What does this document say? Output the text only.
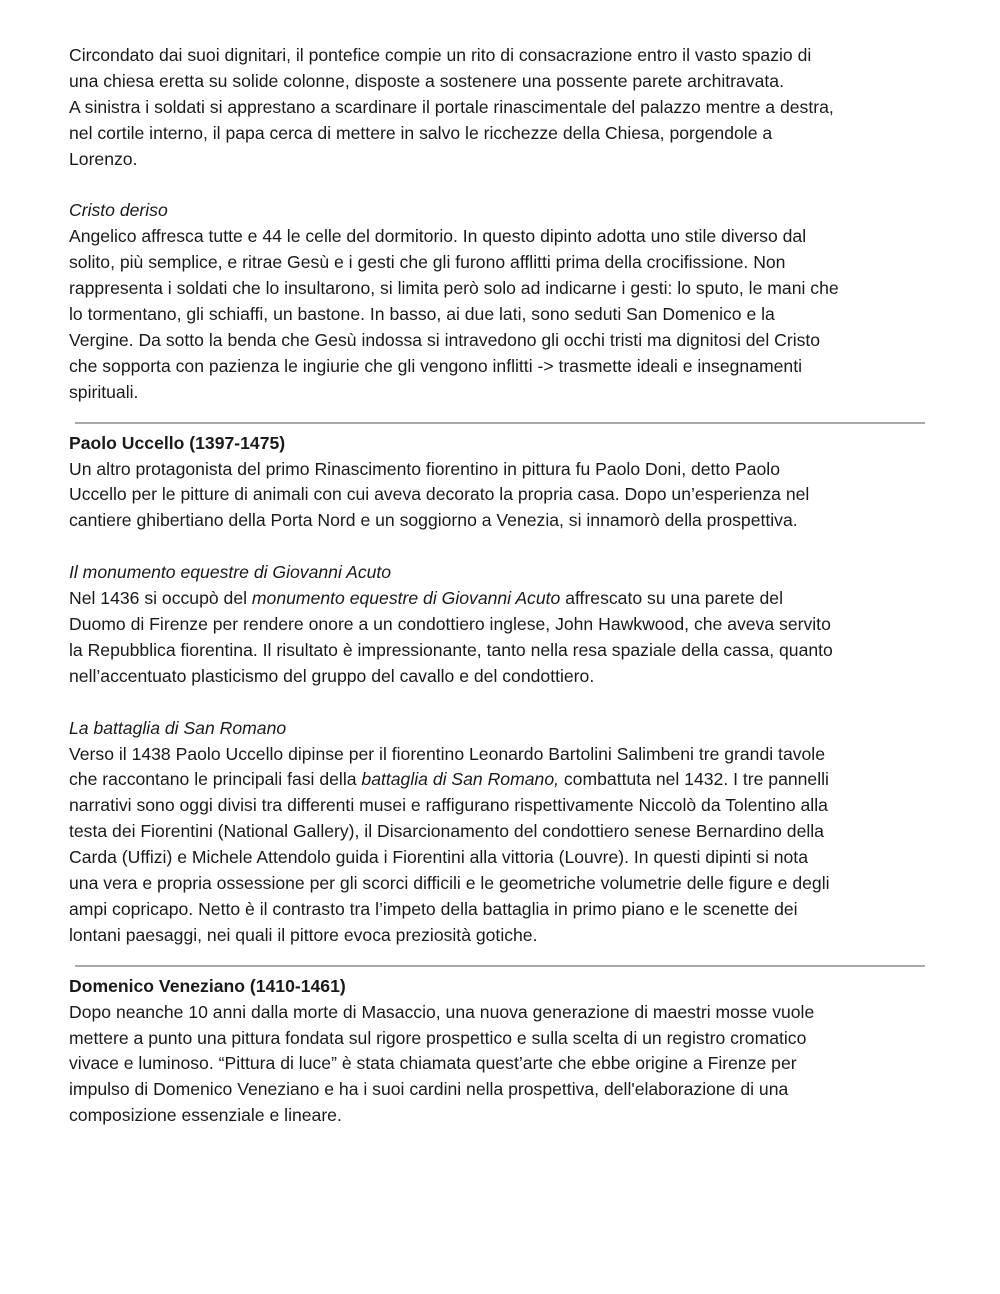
Circondato dai suoi dignitari, il pontefice compie un rito di consacrazione entro il vasto spazio di

una chiesa eretta su solide colonne, disposte a sostenere una possente parete architravata.

A sinistra i soldati si apprestano a scardinare il portale rinascimentale del palazzo mentre a destra,

nel cortile interno, il papa cerca di mettere in salvo le ricchezze della Chiesa, porgendole a

Lorenzo.

Cristo deriso

Angelico affresca tutte e 44 le celle del dormitorio. In questo dipinto adotta uno stile diverso dal

solito, più semplice, e ritrae Gesù e i gesti che gli furono afflitti prima della crocifissione. Non

rappresenta i soldati che lo insultarono, si limita però solo ad indicarne i gesti: lo sputo, le mani che

lo tormentano, gli schiaffi, un bastone. In basso, ai due lati, sono seduti San Domenico e la

Vergine. Da sotto la benda che Gesù indossa si intravedono gli occhi tristi ma dignitosi del Cristo

che sopporta con pazienza le ingiurie che gli vengono inflitti -> trasmette ideali e insegnamenti

spirituali.

Paolo Uccello (1397-1475)

Un altro protagonista del primo Rinascimento fiorentino in pittura fu Paolo Doni, detto Paolo

Uccello per le pitture di animali con cui aveva decorato la propria casa. Dopo un’esperienza nel

cantiere ghibertiano della Porta Nord e un soggiorno a Venezia, si innamorò della prospettiva.

Il monumento equestre di Giovanni Acuto

Nel 1436 si occupò del monumento equestre di Giovanni Acuto affrescato su una parete del

Duomo di Firenze per rendere onore a un condottiero inglese, John Hawkwood, che aveva servito

la Repubblica fiorentina. Il risultato è impressionante, tanto nella resa spaziale della cassa, quanto

nell’accentuato plasticismo del gruppo del cavallo e del condottiero.

La battaglia di San Romano

Verso il 1438 Paolo Uccello dipinse per il fiorentino Leonardo Bartolini Salimbeni tre grandi tavole

che raccontano le principali fasi della battaglia di San Romano, combattuta nel 1432. I tre pannelli

narrativi sono oggi divisi tra differenti musei e raffigurano rispettivamente Niccolò da Tolentino alla

testa dei Fiorentini (National Gallery), il Disarcionamento del condottiero senese Bernardino della

Carda (Uffizi) e Michele Attendolo guida i Fiorentini alla vittoria (Louvre). In questi dipinti si nota

una vera e propria ossessione per gli scorci difficili e le geometriche volumetrie delle figure e degli

ampi copricapo. Netto è il contrasto tra l’impeto della battaglia in primo piano e le scenette dei

lontani paesaggi, nei quali il pittore evoca preziosità gotiche.

Domenico Veneziano (1410-1461)

Dopo neanche 10 anni dalla morte di Masaccio, una nuova generazione di maestri mosse vuole

mettere a punto una pittura fondata sul rigore prospettico e sulla scelta di un registro cromatico

vivace e luminoso. “Pittura di luce” è stata chiamata quest’arte che ebbe origine a Firenze per

impulso di Domenico Veneziano e ha i suoi cardini nella prospettiva, dell'elaborazione di una

composizione essenziale e lineare.
